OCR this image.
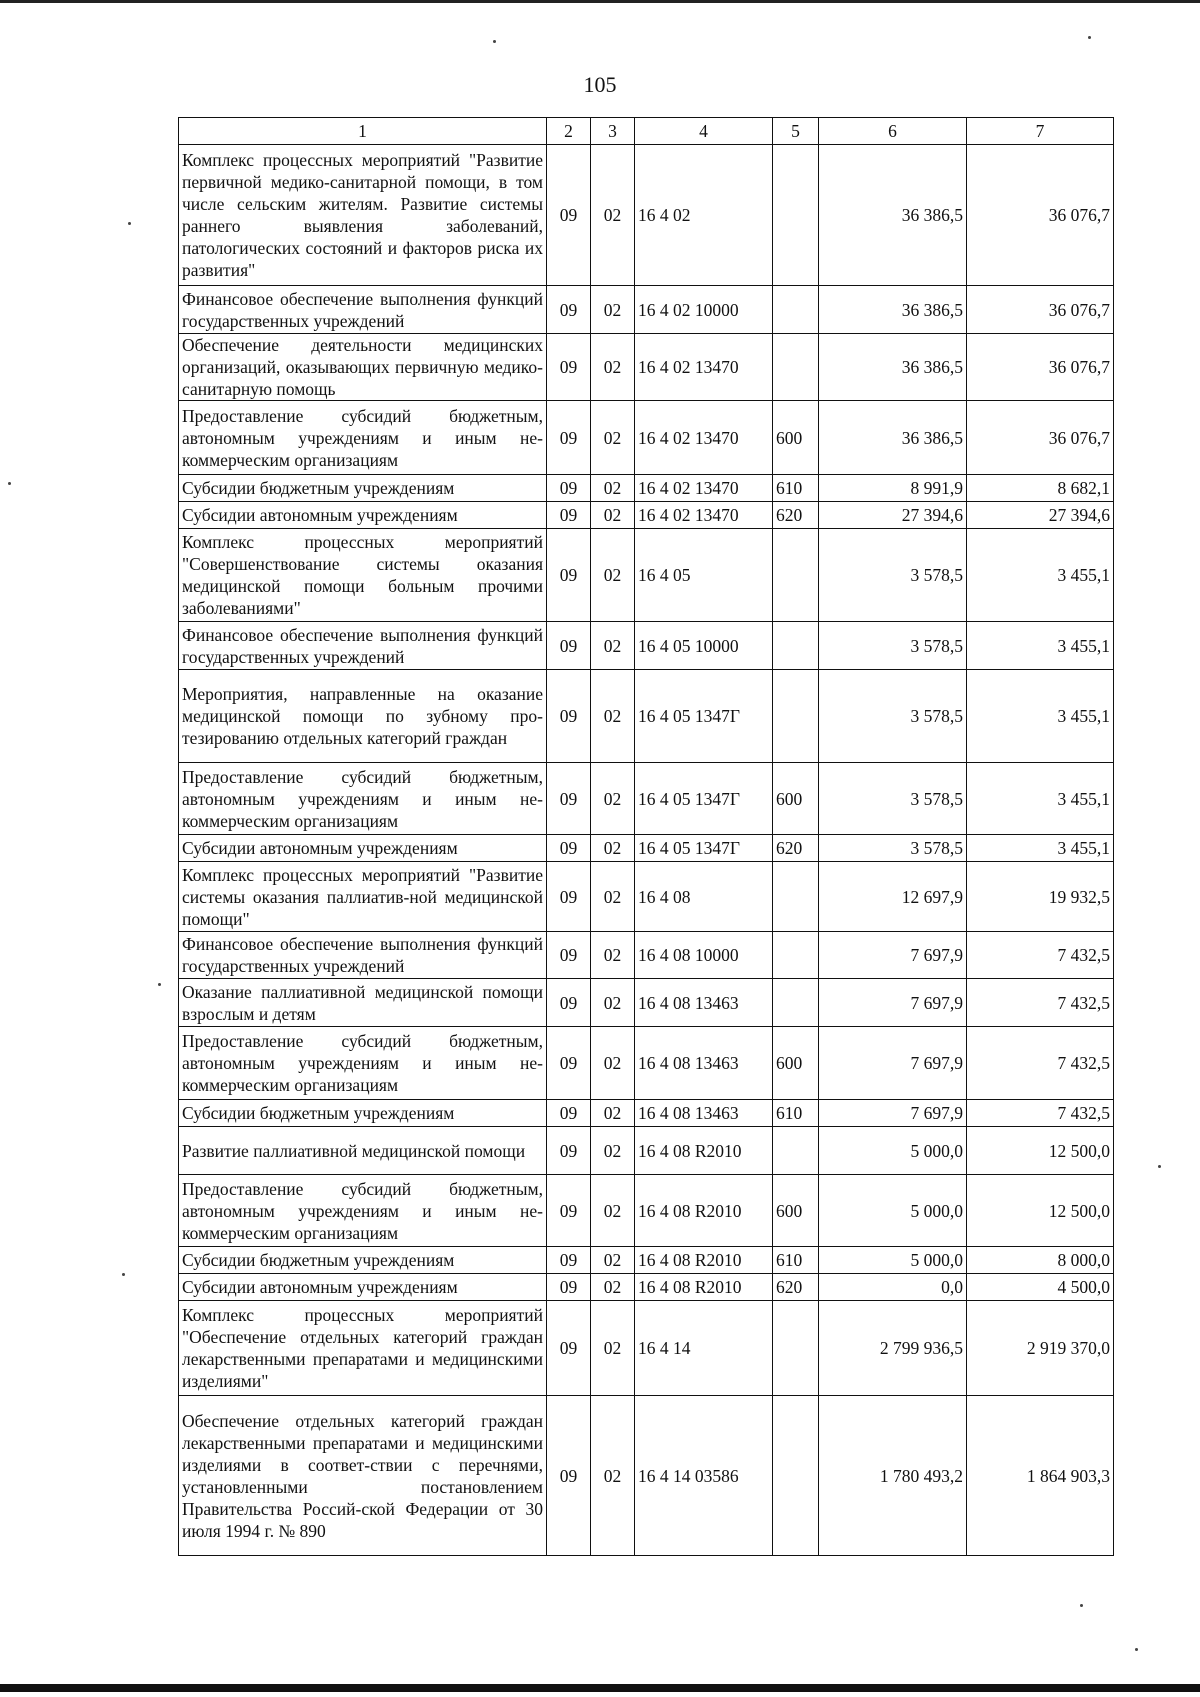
105
1	2	3	4	5	6	7
Комплекс процессных мероприятий "Развитие первичной медико-санитарной помощи, в том числе сельским жителям. Развитие системы раннего выявления заболеваний, патологических состояний и факторов риска их развития"	09	02	16 4 02		36 386,5	36 076,7
Финансовое обеспечение выполнения функций государственных учреждений	09	02	16 4 02 10000		36 386,5	36 076,7
Обеспечение деятельности медицинских организаций, оказывающих первичную медико-санитарную помощь	09	02	16 4 02 13470		36 386,5	36 076,7
Предоставление субсидий бюджетным, автономным учреждениям и иным не-коммерческим организациям	09	02	16 4 02 13470	600	36 386,5	36 076,7
Субсидии бюджетным учреждениям	09	02	16 4 02 13470	610	8 991,9	8 682,1
Субсидии автономным учреждениям	09	02	16 4 02 13470	620	27 394,6	27 394,6
Комплекс процессных мероприятий "Совершенствование системы оказания медицинской помощи больным прочими заболеваниями"	09	02	16 4 05		3 578,5	3 455,1
Финансовое обеспечение выполнения функций государственных учреждений	09	02	16 4 05 10000		3 578,5	3 455,1
Мероприятия, направленные на оказание медицинской помощи по зубному про-тезированию отдельных категорий граждан	09	02	16 4 05 1347Г		3 578,5	3 455,1
Предоставление субсидий бюджетным, автономным учреждениям и иным не-коммерческим организациям	09	02	16 4 05 1347Г	600	3 578,5	3 455,1
Субсидии автономным учреждениям	09	02	16 4 05 1347Г	620	3 578,5	3 455,1
Комплекс процессных мероприятий "Развитие системы оказания паллиатив-ной медицинской помощи"	09	02	16 4 08		12 697,9	19 932,5
Финансовое обеспечение выполнения функций государственных учреждений	09	02	16 4 08 10000		7 697,9	7 432,5
Оказание паллиативной медицинской помощи взрослым и детям	09	02	16 4 08 13463		7 697,9	7 432,5
Предоставление субсидий бюджетным, автономным учреждениям и иным не-коммерческим организациям	09	02	16 4 08 13463	600	7 697,9	7 432,5
Субсидии бюджетным учреждениям	09	02	16 4 08 13463	610	7 697,9	7 432,5
Развитие паллиативной медицинской помощи	09	02	16 4 08 R2010		5 000,0	12 500,0
Предоставление субсидий бюджетным, автономным учреждениям и иным не-коммерческим организациям	09	02	16 4 08 R2010	600	5 000,0	12 500,0
Субсидии бюджетным учреждениям	09	02	16 4 08 R2010	610	5 000,0	8 000,0
Субсидии автономным учреждениям	09	02	16 4 08 R2010	620	0,0	4 500,0
Комплекс процессных мероприятий "Обеспечение отдельных категорий граждан лекарственными препаратами и медицинскими изделиями"	09	02	16 4 14		2 799 936,5	2 919 370,0
Обеспечение отдельных категорий граждан лекарственными препаратами и медицинскими изделиями в соответ-ствии с перечнями, установленными постановлением Правительства Россий-ской Федерации от 30 июля 1994 г. № 890	09	02	16 4 14 03586		1 780 493,2	1 864 903,3
